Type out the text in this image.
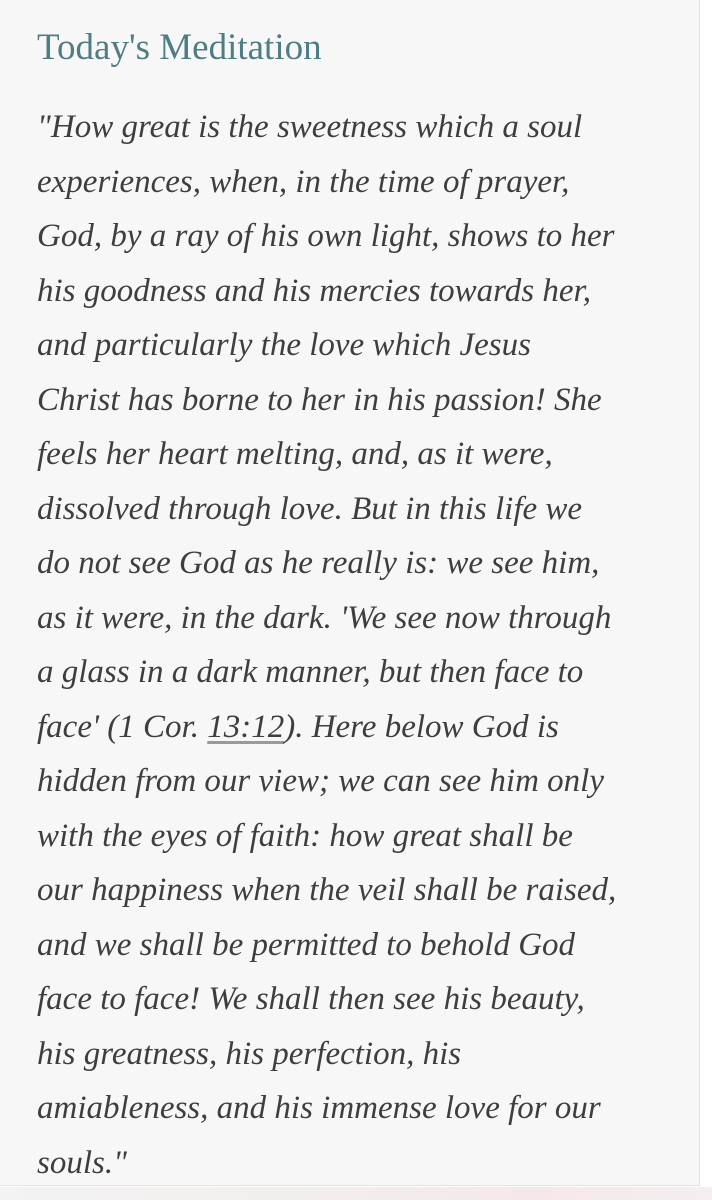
Today's Meditation

"How great is the sweetness which a soul
experiences, when, in the time of prayer,
God, by a ray of his own light, shows to her
his goodness and his mercies towards her,
and particularly the love which Jesus
Christ has borne to her in his passion! She
feels her heart melting, and, as it were,
dissolved through love. But in this life we
do not see God as he really is: we see him,
as it were, in the dark. 'We see now through
a glass in a dark manner, but then face to
face' (1 Cor. 13:12). Here below God is
hidden from our view; we can see him only
with the eyes of faith: how great shall be
our happiness when the veil shall be raised,
and we shall be permitted to behold God
face to face! We shall then see his beauty,
his greatness, his perfection, his
amiableness, and his immense love for our
souls."
